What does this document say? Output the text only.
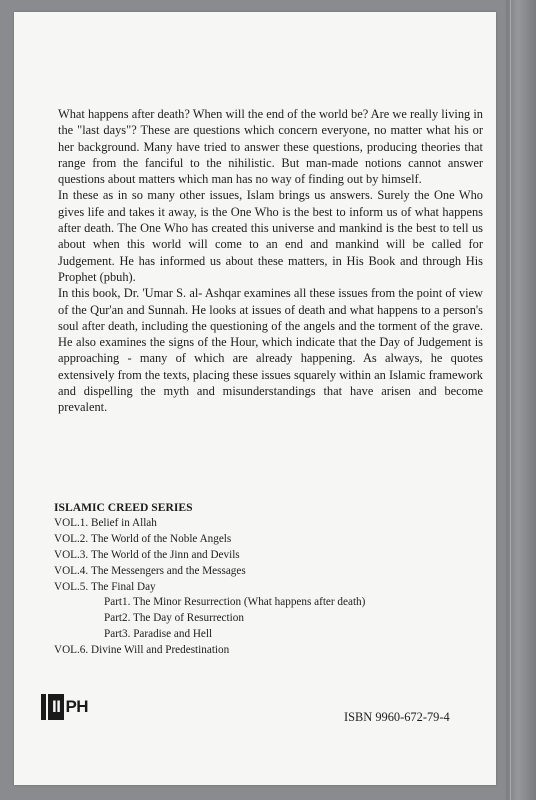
What happens after death? When will the end of the world be? Are we really living in the "last days"? These are questions which concern everyone, no matter what his or her background. Many have tried to answer these questions, producing theories that range from the fanciful to the nihilistic. But man-made notions cannot answer questions about matters which man has no way of finding out by himself.

In these as in so many other issues, Islam brings us answers. Surely the One Who gives life and takes it away, is the One Who is the best to inform us of what happens after death. The One Who has created this universe and mankind is the best to tell us about when this world will come to an end and mankind will be called for Judgement. He has informed us about these matters, in His Book and through His Prophet (pbuh).

In this book, Dr. 'Umar S. al- Ashqar examines all these issues from the point of view of the Qur'an and Sunnah. He looks at issues of death and what happens to a person's soul after death, including the questioning of the angels and the torment of the grave. He also examines the signs of the Hour, which indicate that the Day of Judgement is approaching - many of which are already happening. As always, he quotes extensively from the texts, placing these issues squarely within an Islamic framework and dispelling the myth and misunderstandings that have arisen and become prevalent.

ISLAMIC CREED SERIES
VOL.1. Belief in Allah
VOL.2. The World of the Noble Angels
VOL.3. The World of the Jinn and Devils
VOL.4. The Messengers and the Messages
VOL.5. The Final Day
Part1. The Minor Resurrection (What happens after death)
Part2. The Day of Resurrection
Part3. Paradise and Hell
VOL.6. Divine Will and Predestination
II PH
ISBN 9960-672-79-4
